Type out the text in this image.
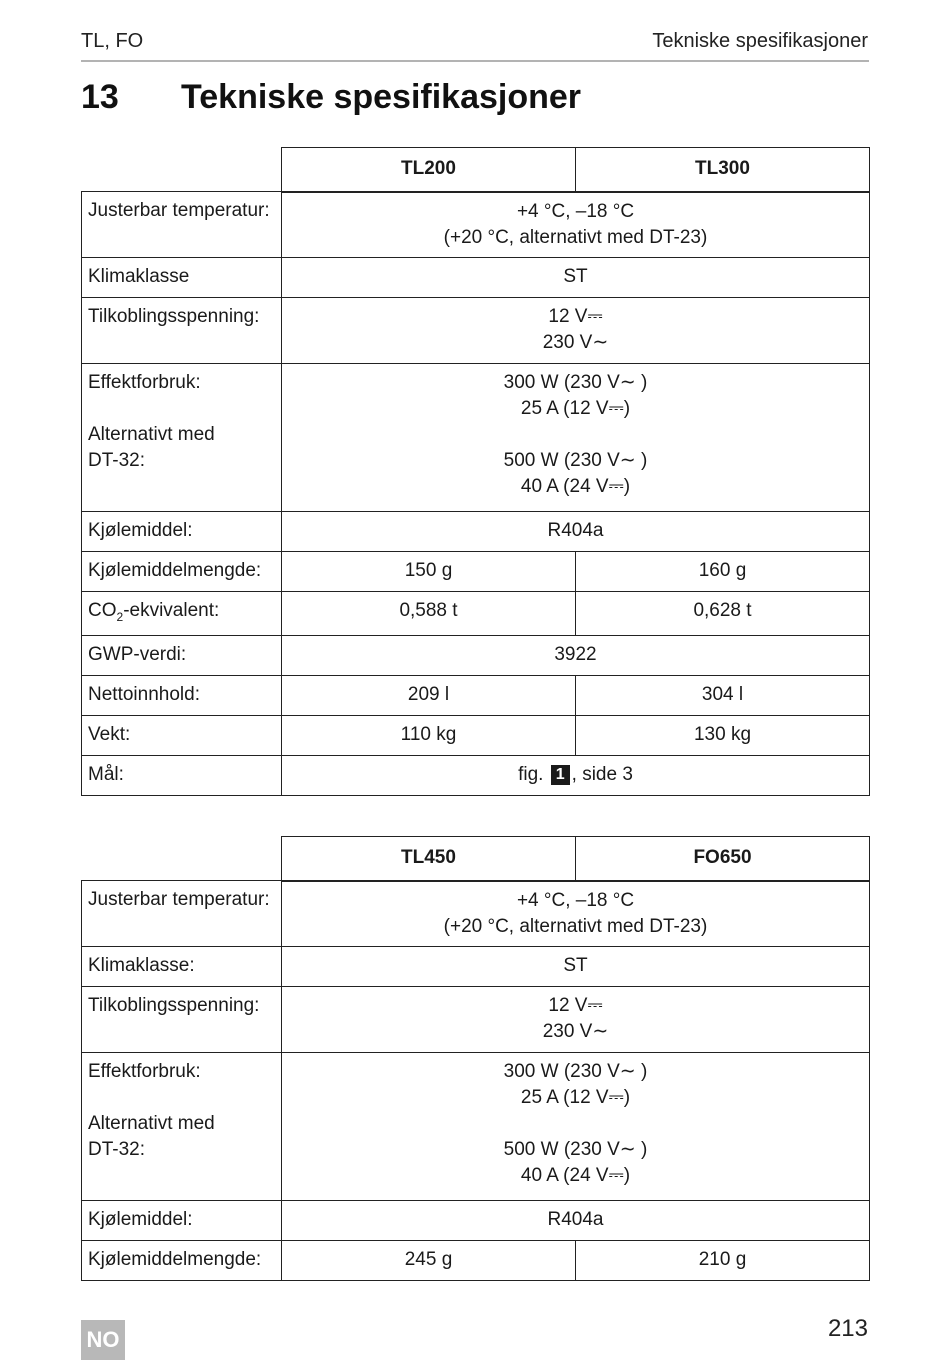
TL, FO	Tekniske spesifikasjoner
13 Tekniske spesifikasjoner
	TL200	TL300

Justerbar temperatur:	+4 °C, –18 °C
(+20 °C, alternativt med DT-23)	

Klimaklasse	ST	

Tilkoblingsspenning:	12 V⎓
230 V∼	

Effektforbruk:
Alternativt med
DT-32:	300 W (230 V∼ )
25 A (12 V⎓)
500 W (230 V∼ )
40 A (24 V⎓)	

Kjølemiddel:	R404a	

Kjølemiddelmengde:	150 g	160 g

$CO_2$-ekvivalent:	0,588 t	0,628 t

GWP-verdi:	3922	

Nettoinnhold:	209 l	304 l

Vekt:	110 kg	130 kg

Mål:	fig. 1 , side 3	
	TL450	FO650

Justerbar temperatur:	+4 °C, –18 °C
(+20 °C, alternativt med DT-23)	

Klimaklasse:	ST	

Tilkoblingsspenning:	12 V⎓
230 V∼	

Effektforbruk:
Alternativt med
DT-32:	300 W (230 V∼ )
25 A (12 V⎓)
500 W (230 V∼ )
40 A (24 V⎓)	

Kjølemiddel:	R404a	

Kjølemiddelmengde:	245 g	210 g
213
NO
